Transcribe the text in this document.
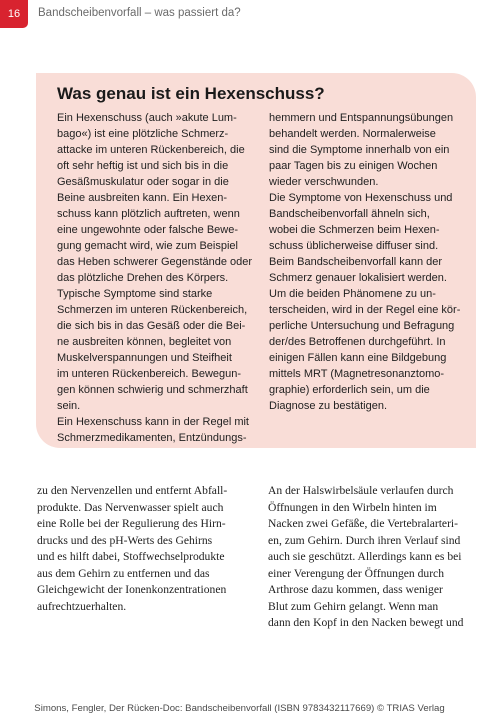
16	Bandscheibenvorfall – was passiert da?
Was genau ist ein Hexenschuss?
Ein Hexenschuss (auch »akute Lum-
bago«) ist eine plötzliche Schmerz-
attacke im unteren Rückenbereich, die
oft sehr heftig ist und sich bis in die
Gesäßmuskulatur oder sogar in die
Beine ausbreiten kann. Ein Hexen-
schuss kann plötzlich auftreten, wenn
eine ungewohnte oder falsche Bewe-
gung gemacht wird, wie zum Beispiel
das Heben schwerer Gegenstände oder
das plötzliche Drehen des Körpers.
Typische Symptome sind starke
Schmerzen im unteren Rückenbereich,
die sich bis in das Gesäß oder die Bei-
ne ausbreiten können, begleitet von
Muskelverspannungen und Steifheit
im unteren Rückenbereich. Bewegun-
gen können schwierig und schmerzhaft
sein.
Ein Hexenschuss kann in der Regel mit
Schmerzmedikamenten, Entzündungs-
hemmern und Entspannungsübungen
behandelt werden. Normalerweise
sind die Symptome innerhalb von ein
paar Tagen bis zu einigen Wochen
wieder verschwunden.
Die Symptome von Hexenschuss und
Bandscheibenvorfall ähneln sich,
wobei die Schmerzen beim Hexen-
schuss üblicherweise diffuser sind.
Beim Bandscheibenvorfall kann der
Schmerz genauer lokalisiert werden.
Um die beiden Phänomene zu un-
terscheiden, wird in der Regel eine kör-
perliche Untersuchung und Befragung
der/des Betroffenen durchgeführt. In
einigen Fällen kann eine Bildgebung
mittels MRT (Magnetresonanztomo-
graphie) erforderlich sein, um die
Diagnose zu bestätigen.
zu den Nervenzellen und entfernt Abfall-
produkte. Das Nervenwasser spielt auch
eine Rolle bei der Regulierung des Hirn-
drucks und des pH-Werts des Gehirns
und es hilft dabei, Stoffwechselprodukte
aus dem Gehirn zu entfernen und das
Gleichgewicht der Ionenkonzentrationen
aufrechtzuerhalten.
An der Halswirbelsäule verlaufen durch
Öffnungen in den Wirbeln hinten im
Nacken zwei Gefäße, die Vertebralarteri-
en, zum Gehirn. Durch ihren Verlauf sind
auch sie geschützt. Allerdings kann es bei
einer Verengung der Öffnungen durch
Arthrose dazu kommen, dass weniger
Blut zum Gehirn gelangt. Wenn man
dann den Kopf in den Nacken bewegt und
Simons, Fengler, Der Rücken-Doc: Bandscheibenvorfall (ISBN 9783432117669) © TRIAS Verlag
